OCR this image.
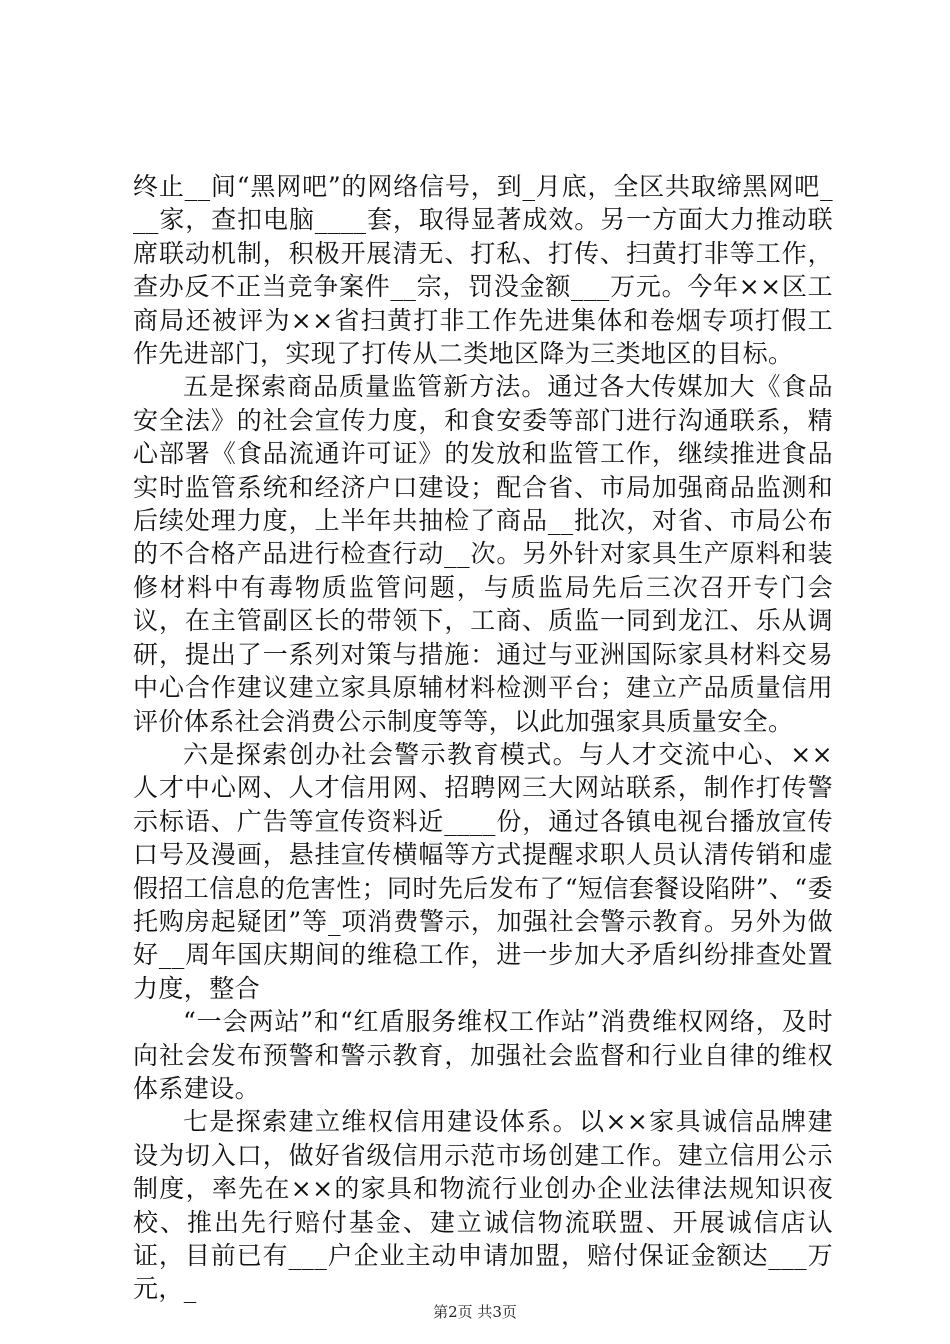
终止__间“黑网吧”的网络信号，到_月底，全区共取缔黑网吧___家，查扣电脑____套，取得显著成效。另一方面大力推动联席联动机制，积极开展清无、打私、打传、扫黄打非等工作，查办反不正当竞争案件__宗，罚没金额___万元。今年××区工商局还被评为××省扫黄打非工作先进集体和卷烟专项打假工作先进部门，实现了打传从二类地区降为三类地区的目标。

五是探索商品质量监管新方法。通过各大传媒加大《食品安全法》的社会宣传力度，和食安委等部门进行沟通联系，精心部署《食品流通许可证》的发放和监管工作，继续推进食品实时监管系统和经济户口建设；配合省、市局加强商品监测和后续处理力度，上半年共抽检了商品__批次，对省、市局公布的不合格产品进行检查行动__次。另外针对家具生产原料和装修材料中有毒物质监管问题，与质监局先后三次召开专门会议，在主管副区长的带领下，工商、质监一同到龙江、乐从调研，提出了一系列对策与措施：通过与亚洲国际家具材料交易中心合作建议建立家具原辅材料检测平台；建立产品质量信用评价体系社会消费公示制度等等，以此加强家具质量安全。

六是探索创办社会警示教育模式。与人才交流中心、××人才中心网、人才信用网、招聘网三大网站联系，制作打传警示标语、广告等宣传资料近____份，通过各镇电视台播放宣传口号及漫画，悬挂宣传横幅等方式提醒求职人员认清传销和虚假招工信息的危害性；同时先后发布了“短信套餐设陷阱”、“委托购房起疑团”等_项消费警示，加强社会警示教育。另外为做好__周年国庆期间的维稳工作，进一步加大矛盾纠纷排查处置力度，整合

“一会两站”和“红盾服务维权工作站”消费维权网络，及时向社会发布预警和警示教育，加强社会监督和行业自律的维权体系建设。

七是探索建立维权信用建设体系。以××家具诚信品牌建设为切入口，做好省级信用示范市场创建工作。建立信用公示制度，率先在××的家具和物流行业创办企业法律法规知识夜校、推出先行赔付基金、建立诚信物流联盟、开展诚信店认证，目前已有___户企业主动申请加盟，赔付保证金额达___万元，_

第2页 共3页
